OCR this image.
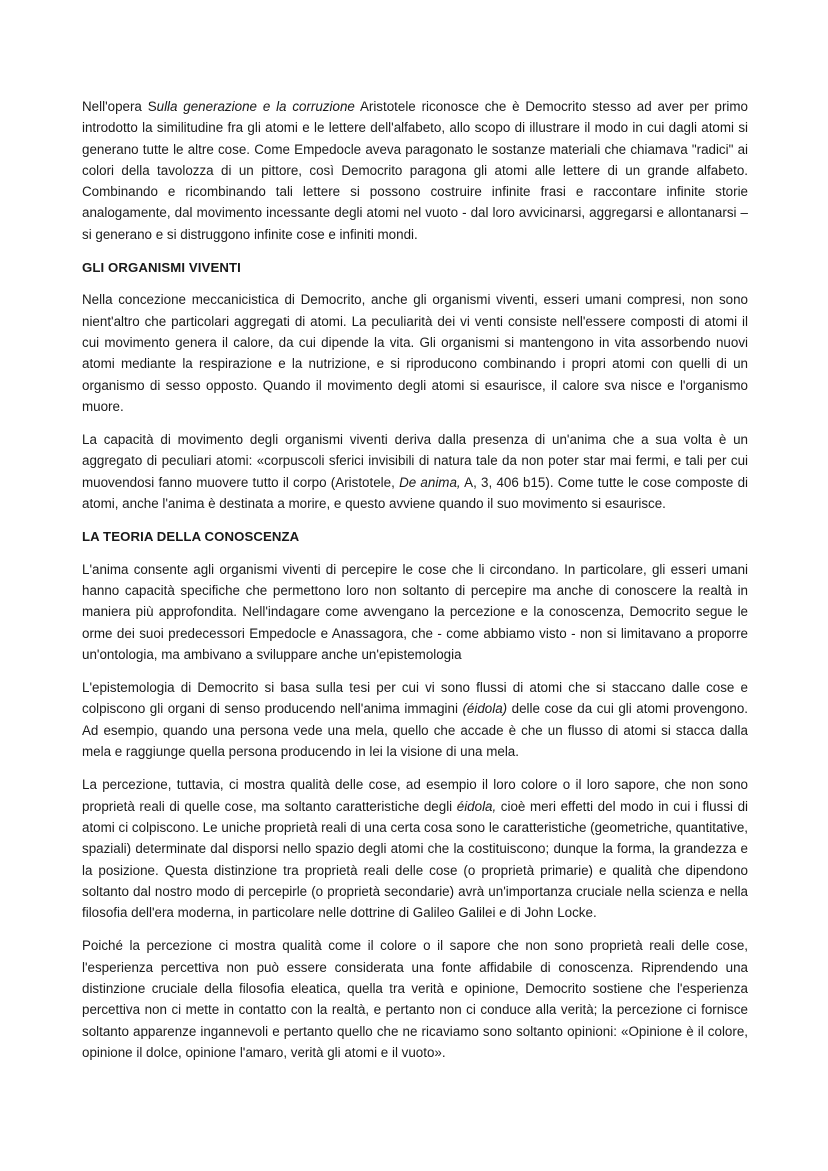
Nell'opera Sulla generazione e la corruzione Aristotele riconosce che è Democrito stesso ad aver per primo introdotto la similitudine fra gli atomi e le lettere dell'alfabeto, allo scopo di illustrare il modo in cui dagli atomi si generano tutte le altre cose. Come Empedocle aveva paragonato le sostanze materiali che chiamava "radici" ai colori della tavolozza di un pittore, così Democrito paragona gli atomi alle lettere di un grande alfabeto. Combinando e ricombinando tali lettere si possono costruire infinite frasi e raccontare infinite storie analogamente, dal movimento incessante degli atomi nel vuoto - dal loro avvicinarsi, aggregarsi e allontanarsi – si generano e si distruggono infinite cose e infiniti mondi.

GLI ORGANISMI VIVENTI

Nella concezione meccanicistica di Democrito, anche gli organismi viventi, esseri umani compresi, non sono nient'altro che particolari aggregati di atomi. La peculiarità dei vi venti consiste nell'essere composti di atomi il cui movimento genera il calore, da cui dipende la vita. Gli organismi si mantengono in vita assorbendo nuovi atomi mediante la respirazione e la nutrizione, e si riproducono combinando i propri atomi con quelli di un organismo di sesso opposto. Quando il movimento degli atomi si esaurisce, il calore sva nisce e l'organismo muore.

La capacità di movimento degli organismi viventi deriva dalla presenza di un'anima che a sua volta è un aggregato di peculiari atomi: «corpuscoli sferici invisibili di natura tale da non poter star mai fermi, e tali per cui muovendosi fanno muovere tutto il corpo (Aristotele, De anima, A, 3, 406 b15). Come tutte le cose composte di atomi, anche l'anima è destinata a morire, e questo avviene quando il suo movimento si esaurisce.

LA TEORIA DELLA CONOSCENZA

L'anima consente agli organismi viventi di percepire le cose che li circondano. In particolare, gli esseri umani hanno capacità specifiche che permettono loro non soltanto di percepire ma anche di conoscere la realtà in maniera più approfondita. Nell'indagare come avvengano la percezione e la conoscenza, Democrito segue le orme dei suoi predecessori Empedocle e Anassagora, che - come abbiamo visto - non si limitavano a proporre un'ontologia, ma ambivano a sviluppare anche un'epistemologia

L'epistemologia di Democrito si basa sulla tesi per cui vi sono flussi di atomi che si staccano dalle cose e colpiscono gli organi di senso producendo nell'anima immagini (éidola) delle cose da cui gli atomi provengono. Ad esempio, quando una persona vede una mela, quello che accade è che un flusso di atomi si stacca dalla mela e raggiunge quella persona producendo in lei la visione di una mela.

La percezione, tuttavia, ci mostra qualità delle cose, ad esempio il loro colore o il loro sapore, che non sono proprietà reali di quelle cose, ma soltanto caratteristiche degli éidola, cioè meri effetti del modo in cui i flussi di atomi ci colpiscono. Le uniche proprietà reali di una certa cosa sono le caratteristiche (geometriche, quantitative, spaziali) determinate dal disporsi nello spazio degli atomi che la costituiscono; dunque la forma, la grandezza e la posizione. Questa distinzione tra proprietà reali delle cose (o proprietà primarie) e qualità che dipendono soltanto dal nostro modo di percepirle (o proprietà secondarie) avrà un'importanza cruciale nella scienza e nella filosofia dell'era moderna, in particolare nelle dottrine di Galileo Galilei e di John Locke.

Poiché la percezione ci mostra qualità come il colore o il sapore che non sono proprietà reali delle cose, l'esperienza percettiva non può essere considerata una fonte affidabile di conoscenza. Riprendendo una distinzione cruciale della filosofia eleatica, quella tra verità e opinione, Democrito sostiene che l'esperienza percettiva non ci mette in contatto con la realtà, e pertanto non ci conduce alla verità; la percezione ci fornisce soltanto apparenze ingannevoli e pertanto quello che ne ricaviamo sono soltanto opinioni: «Opinione è il colore, opinione il dolce, opinione l'amaro, verità gli atomi e il vuoto».
